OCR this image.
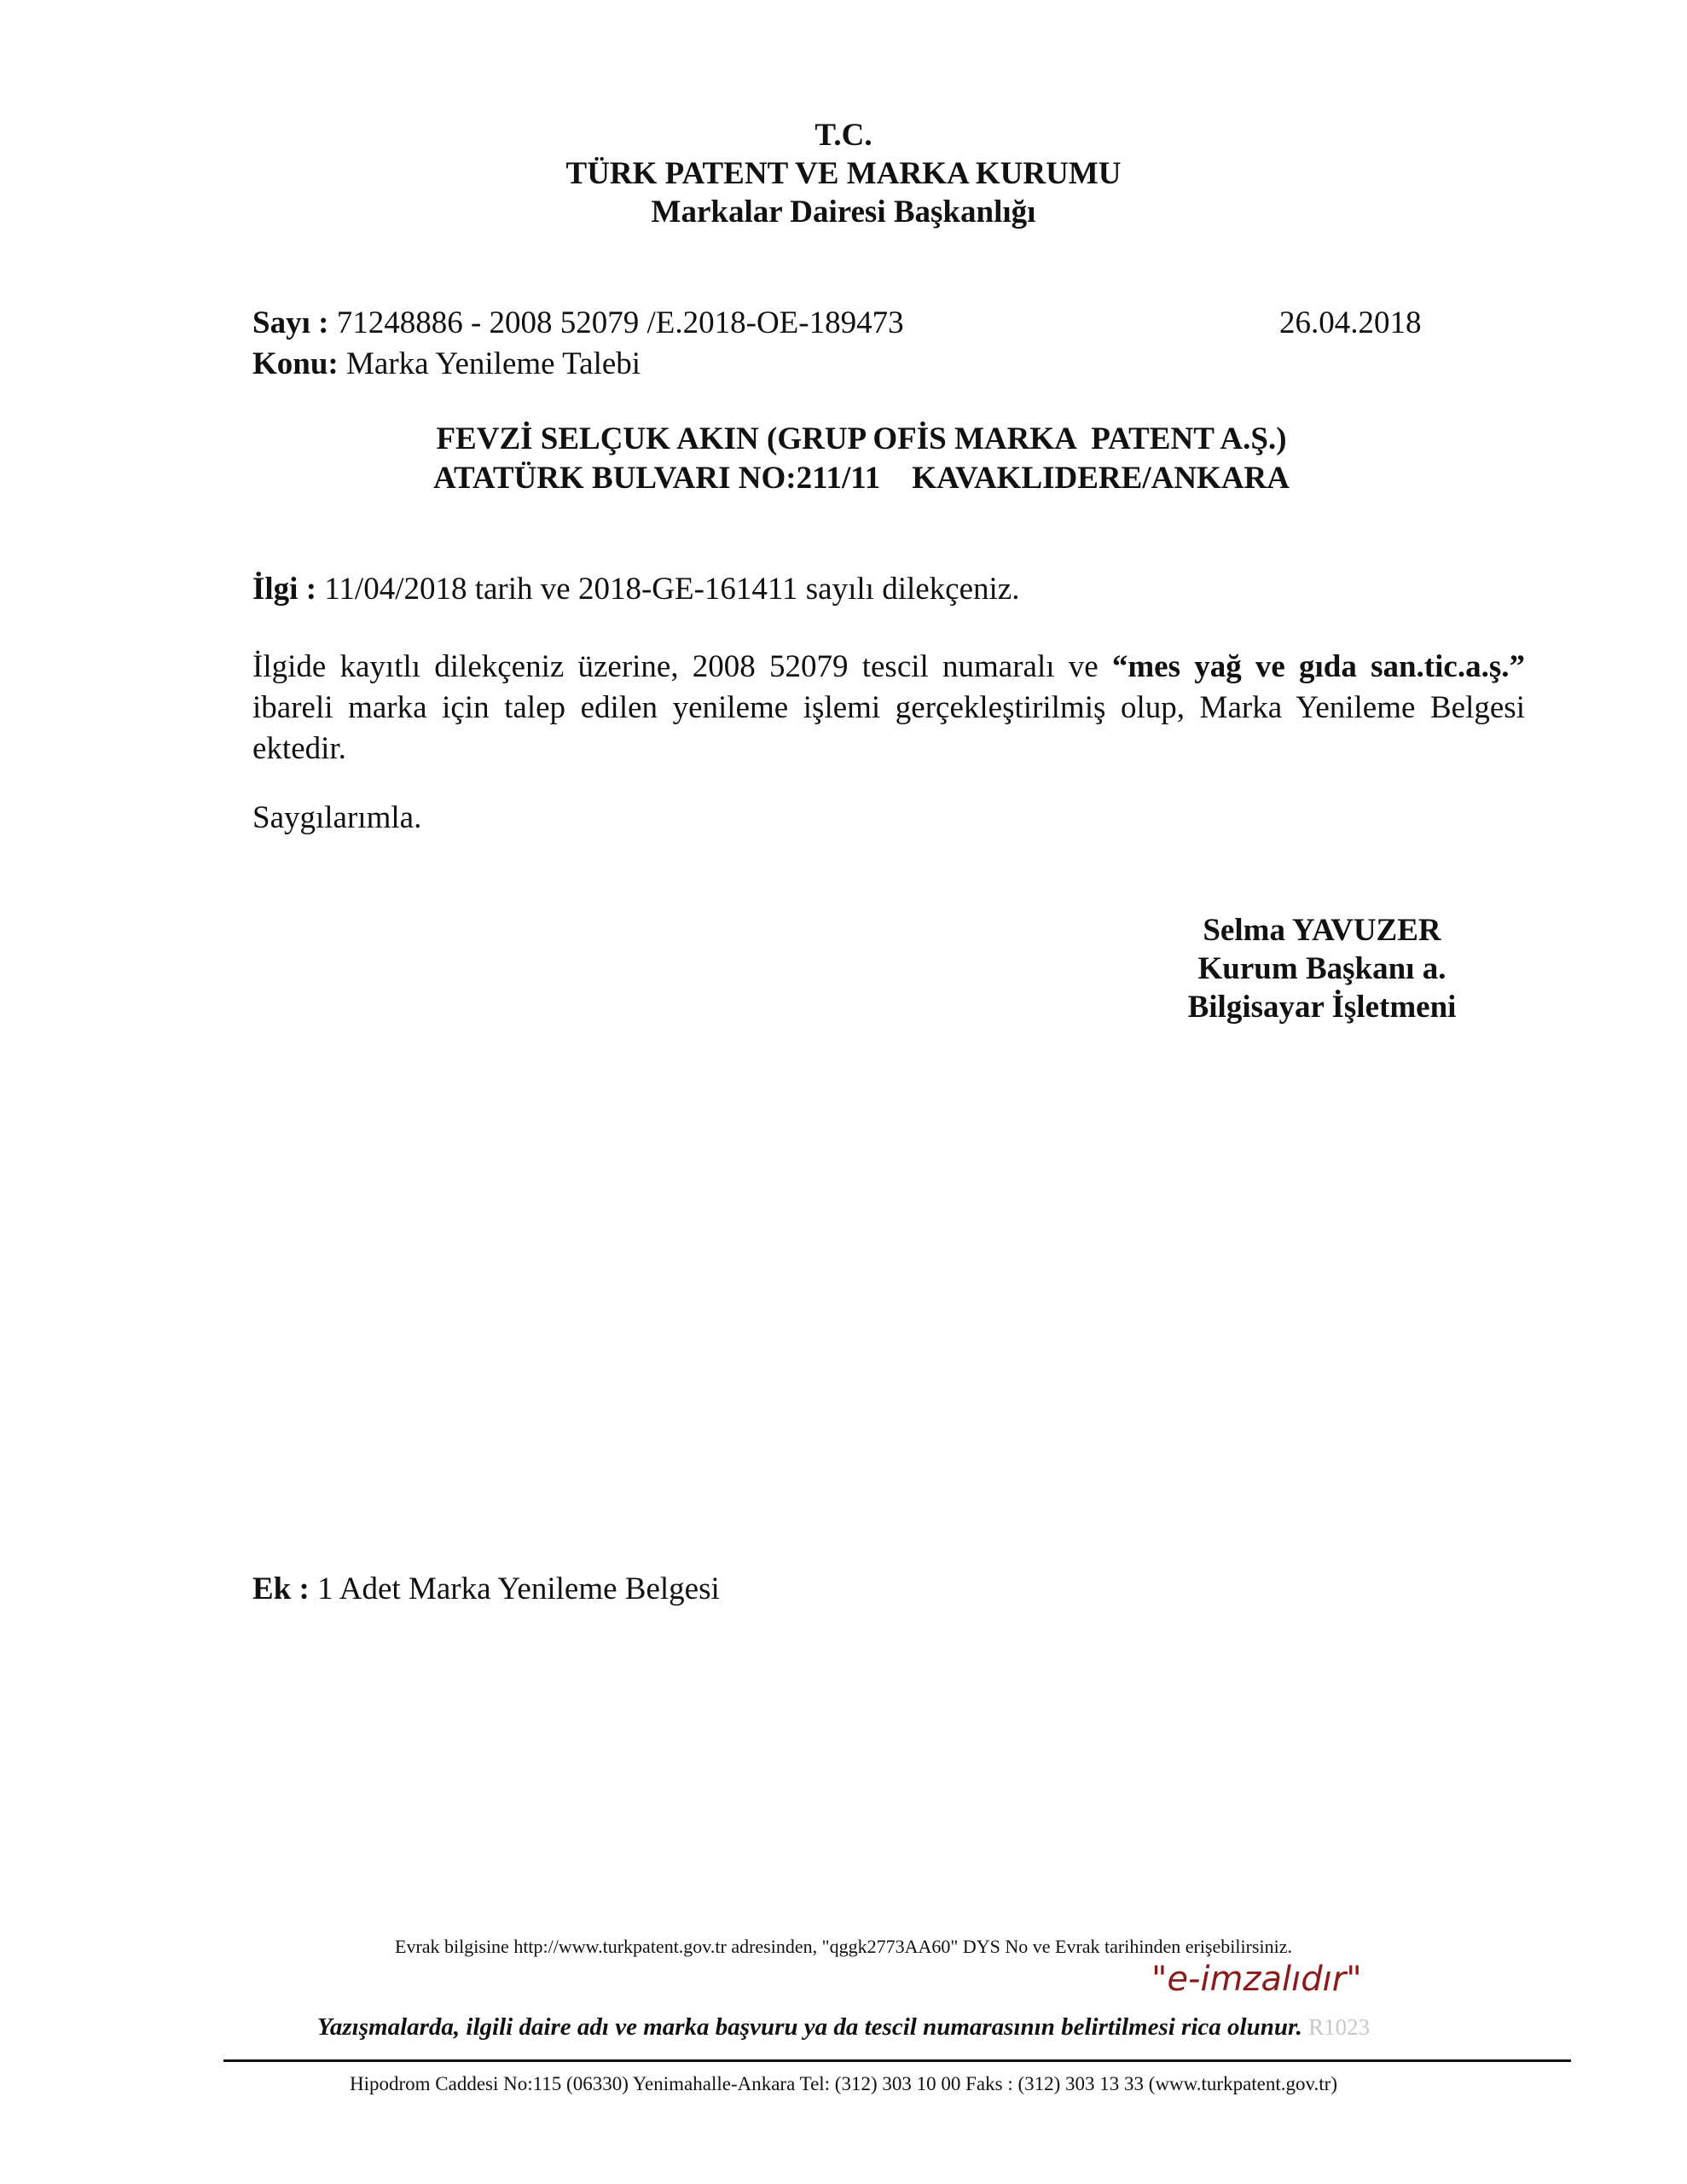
T.C.
TÜRK PATENT VE MARKA KURUMU
Markalar Dairesi Başkanlığı
Sayı : 71248886 - 2008 52079 /E.2018-OE-189473	26.04.2018
Konu: Marka Yenileme Talebi
FEVZİ SELÇUK AKIN (GRUP OFİS MARKA  PATENT A.Ş.)
ATATÜRK BULVARI NO:211/11    KAVAKLIDERE/ANKARA
İlgi : 11/04/2018 tarih ve 2018-GE-161411 sayılı dilekçeniz.
İlgide kayıtlı dilekçeniz üzerine, 2008 52079 tescil numaralı ve “mes yağ ve gıda san.tic.a.ş.” ibareli marka için talep edilen yenileme işlemi gerçekleştirilmiş olup, Marka Yenileme Belgesi ektedir.
Saygılarımla.
Selma YAVUZER
Kurum Başkanı a.
Bilgisayar İşletmeni
Ek : 1 Adet Marka Yenileme Belgesi
Evrak bilgisine http://www.turkpatent.gov.tr adresinden, "qggk2773AA60" DYS No ve Evrak tarihinden erişebilirsiniz.
"e-imzalıdır"
Yazışmalarda, ilgili daire adı ve marka başvuru ya da tescil numarasının belirtilmesi rica olunur. R1023
Hipodrom Caddesi No:115 (06330) Yenimahalle-Ankara Tel: (312) 303 10 00 Faks : (312) 303 13 33 (www.turkpatent.gov.tr)
